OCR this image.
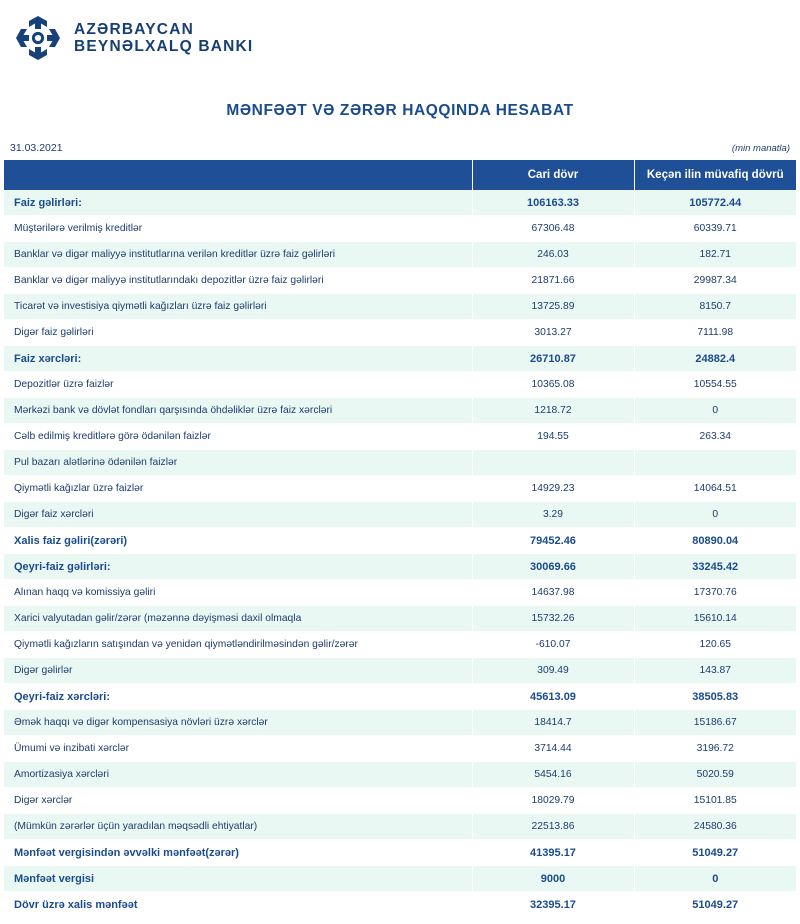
AZƏRBAYCAN
BEYNƏLXALQ BANKI
MƏNFƏƏT VƏ ZƏRƏR HAQQINDA HESABAT
31.03.2021	(min manatla)
	Cari dövr	Keçən ilin müvafiq dövrü
Faiz gəlirləri:	106163.33	105772.44
Müştərilərə verilmiş kreditlər	67306.48	60339.71
Banklar və digər maliyyə institutlarına verilən kreditlər üzrə faiz gəlirləri	246.03	182.71
Banklar və digər maliyyə institutlarındakı depozitlər üzrə faiz gəlirləri	21871.66	29987.34
Ticarət və investisiya qiymətli kağızları üzrə faiz gəlirləri	13725.89	8150.7
Digər faiz gəlirləri	3013.27	7111.98
Faiz xərcləri:	26710.87	24882.4
Depozitlər üzrə faizlər	10365.08	10554.55
Mərkəzi bank və dövlət fondları qarşısında öhdəliklər üzrə faiz xərcləri	1218.72	0
Cəlb edilmiş kreditlərə görə ödənilən faizlər	194.55	263.34
Pul bazarı alətlərinə ödənilən faizlər		
Qiymətli kağızlar üzrə faizlər	14929.23	14064.51
Digər faiz xərcləri	3.29	0
Xalis faiz gəliri(zərəri)	79452.46	80890.04
Qeyri-faiz gəlirləri:	30069.66	33245.42
Alınan haqq və komissiya gəliri	14637.98	17370.76
Xarici valyutadan gəlir/zərər (məzənnə dəyişməsi daxil olmaqla	15732.26	15610.14
Qiymətli kağızların satışından və yenidən qiymətləndirilməsindən gəlir/zərər	-610.07	120.65
Digər gəlirlər	309.49	143.87
Qeyri-faiz xərcləri:	45613.09	38505.83
Əmək haqqı və digər kompensasiya növləri üzrə xərclər	18414.7	15186.67
Ümumi və inzibati xərclər	3714.44	3196.72
Amortizasiya xərcləri	5454.16	5020.59
Digər xərclər	18029.79	15101.85
(Mümkün zərərlər üçün yaradılan məqsədli ehtiyatlar)	22513.86	24580.36
Mənfəət vergisindən əvvəlki mənfəət(zərər)	41395.17	51049.27
Mənfəət vergisi	9000	0
Dövr üzrə xalis mənfəət	32395.17	51049.27
